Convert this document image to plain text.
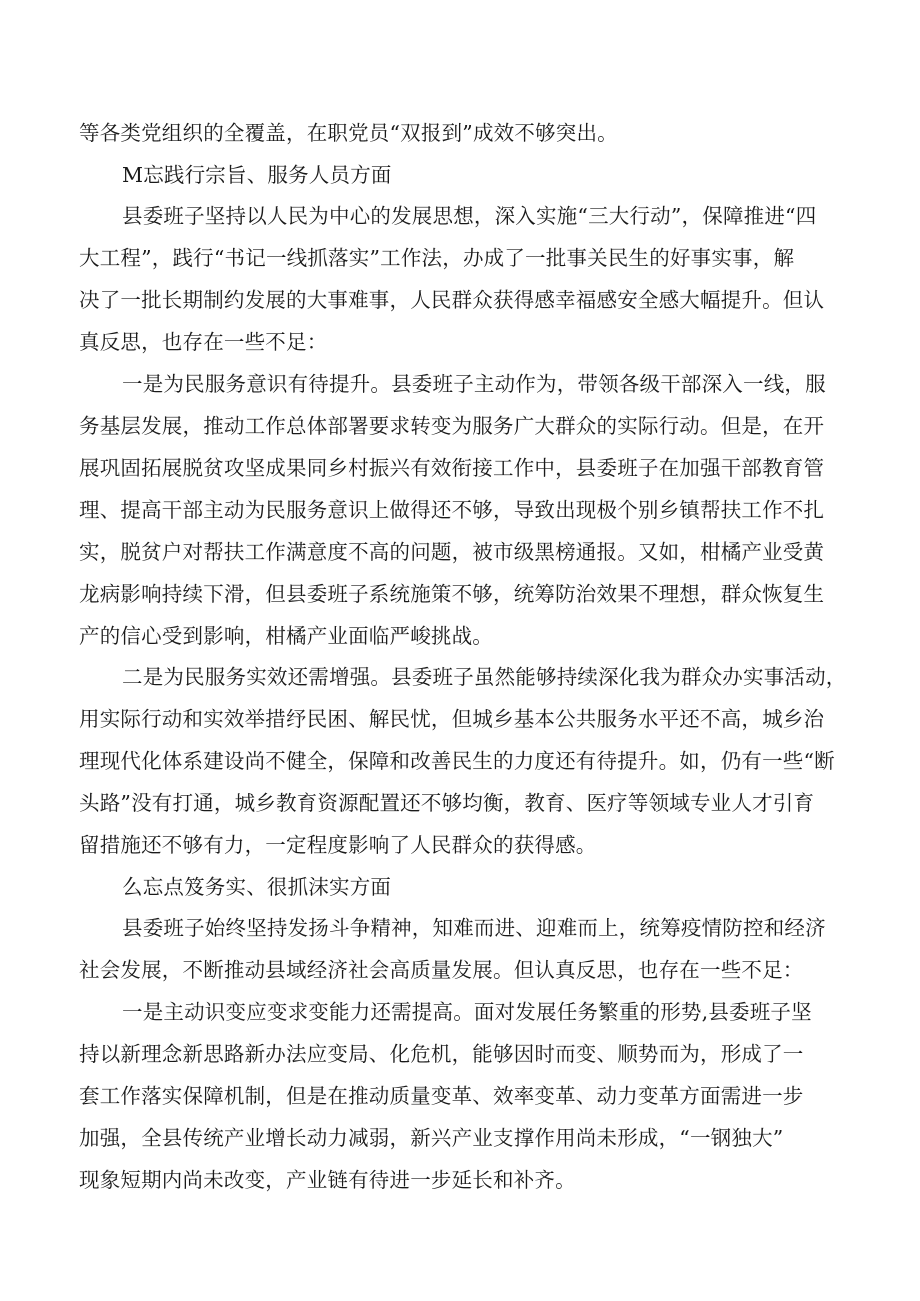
等各类党组织的全覆盖，在职党员“双报到”成效不够突出。
M忘践行宗旨、服务人员方面
县委班子坚持以人民为中心的发展思想，深入实施“三大行动”，保障推进“四
大工程”，践行“书记一线抓落实”工作法，办成了一批事关民生的好事实事，解
决了一批长期制约发展的大事难事，人民群众获得感幸福感安全感大幅提升。但认
真反思，也存在一些不足：
一是为民服务意识有待提升。县委班子主动作为，带领各级干部深入一线，服
务基层发展，推动工作总体部署要求转变为服务广大群众的实际行动。但是，在开
展巩固拓展脱贫攻坚成果同乡村振兴有效衔接工作中，县委班子在加强干部教育管
理、提高干部主动为民服务意识上做得还不够，导致出现极个别乡镇帮扶工作不扎
实，脱贫户对帮扶工作满意度不高的问题，被市级黑榜通报。又如，柑橘产业受黄
龙病影响持续下滑，但县委班子系统施策不够，统筹防治效果不理想，群众恢复生
产的信心受到影响，柑橘产业面临严峻挑战。
二是为民服务实效还需增强。县委班子虽然能够持续深化我为群众办实事活动，
用实际行动和实效举措纾民困、解民忧，但城乡基本公共服务水平还不高，城乡治
理现代化体系建设尚不健全，保障和改善民生的力度还有待提升。如，仍有一些“断
头路”没有打通，城乡教育资源配置还不够均衡，教育、医疗等领域专业人才引育
留措施还不够有力，一定程度影响了人民群众的获得感。
么忘点笈务实、很抓沫实方面
县委班子始终坚持发扬斗争精神，知难而进、迎难而上，统筹疫情防控和经济
社会发展，不断推动县域经济社会高质量发展。但认真反思，也存在一些不足：
一是主动识变应变求变能力还需提高。面对发展任务繁重的形势,县委班子坚
持以新理念新思路新办法应变局、化危机，能够因时而变、顺势而为，形成了一
套工作落实保障机制，但是在推动质量变革、效率变革、动力变革方面需进一步
加强，全县传统产业增长动力减弱，新兴产业支撑作用尚未形成，“一钢独大”
现象短期内尚未改变，产业链有待进一步延长和补齐。
